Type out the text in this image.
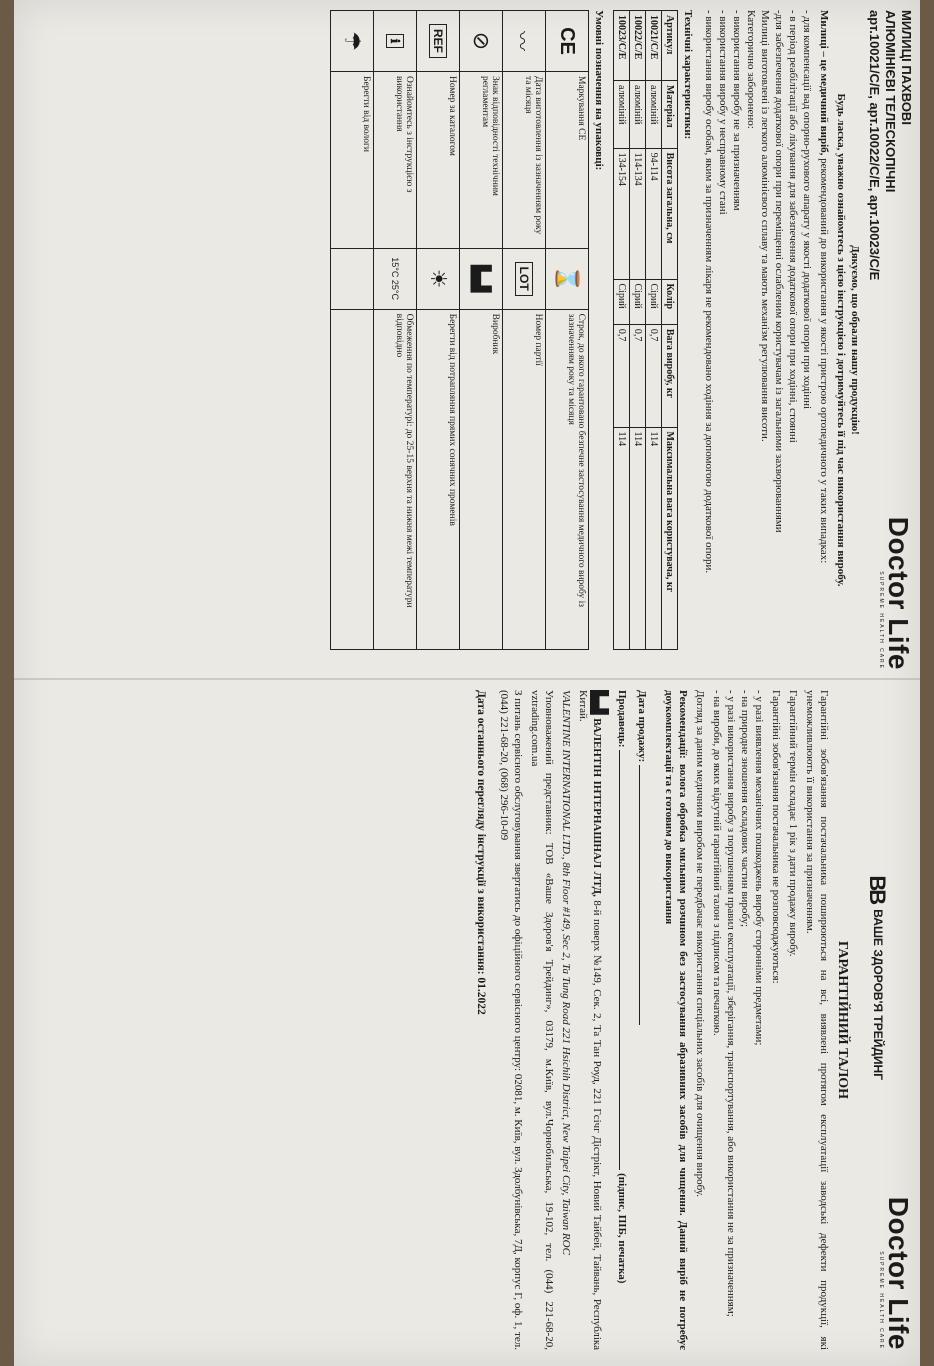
Doctor Life
SUPREME HEALTH CARE
МИЛИЦІ ПАХВОВІ
АЛЮМІНІЄВІ ТЕЛЕСКОПІЧНІ
арт.10021/С/Е, арт.10022/С/Е, арт.10023/С/Е
Дякуємо, що обрали нашу продукцію!
Будь ласка, уважно ознайомтесь з цією інструкцією і дотримуйтесь її під час використання виробу.

Милиці – це медичний виріб, рекомендований до використання у якості пристрою ортопедичного у таких випадках:

- для компенсації вад опорно-рухового апарату у якості додаткової опори при ходінні

- в період реабілітації або лікування для забезпечення додаткової опори при ходінні, стоянні

-для забезпечення додаткової опори при переміщенні ослабленим користувачам із загальними захворюваннями

Милиці виготовлені із легкого алюмінієвого сплаву та мають механізм регулювання висоти.

Категорично заборонено:

- використання виробу не за призначенням

- використання виробу у несправному стані

- використання виробу особам, яким за призначенням лікаря не рекомендовано ходіння за допомогою додаткової опори.

Технічні характеристики:
Артикул	Матеріал	Висота загальна, см	Колір	Вага виробу, кг	Максимальна вага користувача, кг
10021/С/Е	алюміній	94-114	Сірий	0,7	114
10022/С/Е	алюміній	114-134	Сірий	0,7	114
10023/С/Е	алюміній	134-154	Сірий	0,7	114
Умовні позначення на упаковці:
CE	Маркування CE	⌛	Строк, до якого гарантовано безпечне застосування медичного виробу із зазначенням року та місяця
〰	Дата виготовлення із зазначенням року та місяця	LOT	Номер партії
⊘	Знак відповідності технічним регламентам	▙▟	Виробник
REF	Номер за каталогом	☀	Берегти від потрапляння прямих сонячних променів
ℹ	Ознайомтесь з інструкцією з використання	15°C 25°C	Обмеження по температурі: до 25-15 верхня та нижня межі температури відповідно
☂	Берегти від вологи		
Doctor Life
SUPREME HEALTH CARE
BBВАШЕ ЗДОРОВ'Я ТРЕЙДИНГ
ГАРАНТІЙНИЙ ТАЛОН

Гарантійні зобов'язання постачальника поширюються на всі, виявлені протягом експлуатації заводські дефекти продукції, які унеможливлюють її використання за призначенням.

Гарантійний термін складає 1 рік з дати продажу виробу.

Гарантійні зобов'язання постачальника не розповсюджуються:

- у разі виявлення механічних пошкоджень виробу сторонніми предметами;

- на природне зношення складових частин виробу;

- у разі використання виробу з порушенням правил експлуатації, зберігання, транспортування, або використання не за призначенням;

- на вироби, до яких відсутній гарантійний талон з підписом та печаткою.

Догляд за даним медичним виробом не передбачає використання спеціальних засобів для очищення виробу.

Рекомендації: волога обробка мильним розчином без застосування абразивних засобів для чищення. Даний виріб не потребує доукомплектації та є готовим до використання

Дата продажу:

Продавець:  (підпис, ПІБ, печатка)

▙▟ ВАЛЕНТІН ІНТЕРНАШНАЛ ЛТД, 8-й поверх №149, Сек. 2, Та Тан Роуд, 221 Гсічг Дістрікт, Новий Тайбей, Тайвань, Республіка Китай.

VALENTINE INTERNATIONAL LTD., 8th Floor #149, Sec 2, Ta Tung Road 221 Hsichih District, New Taipei City, Taiwan ROC

Уповноважений представник: ТОВ «Ваше Здоров'я Трейдинг», 03179, м.Київ, вул.Чорнобильська, 19-102, тел. (044) 221-68-20, vztrading.com.ua

З питань сервісного обслуговування звертатись до офіційного сервісного центру: 02081, м. Київ, вул. Здолбунівська, 7Д, корпус Г, оф. 1, тел. (044) 221-68-20, (068) 296-10-09

Дата останнього перегляду інструкції з використання: 01.2022
